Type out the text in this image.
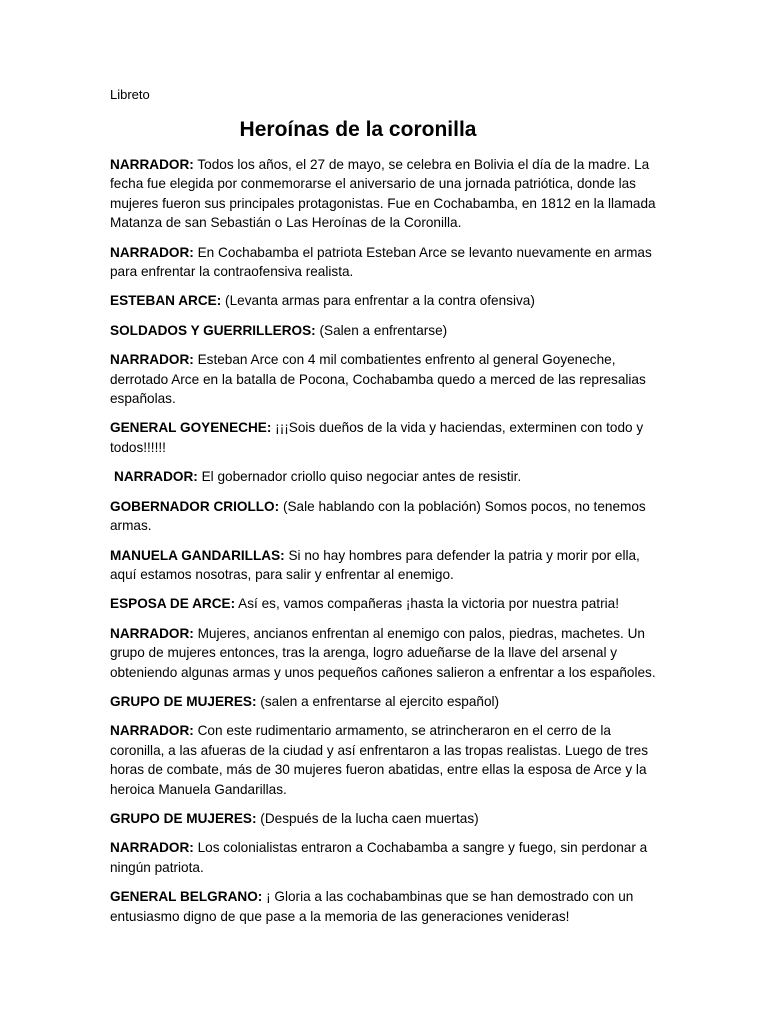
Libreto
Heroínas de la coronilla

NARRADOR: Todos los años, el 27 de mayo, se celebra en Bolivia el día de la madre. La fecha fue elegida por conmemorarse el aniversario de una jornada patriótica, donde las mujeres fueron sus principales protagonistas. Fue en Cochabamba, en 1812 en la llamada Matanza de san Sebastián o Las Heroínas de la Coronilla.

NARRADOR: En Cochabamba el patriota Esteban Arce se levanto nuevamente en armas para enfrentar la contraofensiva realista.

ESTEBAN ARCE: (Levanta armas para enfrentar a la contra ofensiva)

SOLDADOS Y GUERRILLEROS: (Salen a enfrentarse)

NARRADOR: Esteban Arce con 4 mil combatientes enfrento al general Goyeneche, derrotado Arce en la batalla de Pocona, Cochabamba quedo a merced de las represalias españolas.

GENERAL GOYENECHE: ¡¡¡Sois dueños de la vida y haciendas, exterminen con todo y todos!!!!!!

NARRADOR: El gobernador criollo quiso negociar antes de resistir.

GOBERNADOR CRIOLLO: (Sale hablando con la población) Somos pocos, no tenemos armas.

MANUELA GANDARILLAS: Si no hay hombres para defender la patria y morir por ella, aquí estamos nosotras, para salir y enfrentar al enemigo.

ESPOSA DE ARCE: Así es, vamos compañeras ¡hasta la victoria por nuestra patria!

NARRADOR: Mujeres, ancianos enfrentan al enemigo con palos, piedras, machetes. Un grupo de mujeres entonces, tras la arenga, logro adueñarse de la llave del arsenal y obteniendo algunas armas y unos pequeños cañones salieron a enfrentar a los españoles.

GRUPO DE MUJERES: (salen a enfrentarse al ejercito español)

NARRADOR: Con este rudimentario armamento, se atrincheraron en el cerro de la coronilla, a las afueras de la ciudad y así enfrentaron a las tropas realistas. Luego de tres horas de combate, más de 30 mujeres fueron abatidas, entre ellas la esposa de Arce y la heroica Manuela Gandarillas.

GRUPO DE MUJERES: (Después de la lucha caen muertas)

NARRADOR: Los colonialistas entraron a Cochabamba a sangre y fuego, sin perdonar a ningún patriota.

GENERAL BELGRANO: ¡ Gloria a las cochabambinas que se han demostrado con un entusiasmo digno de que pase a la memoria de las generaciones venideras!
